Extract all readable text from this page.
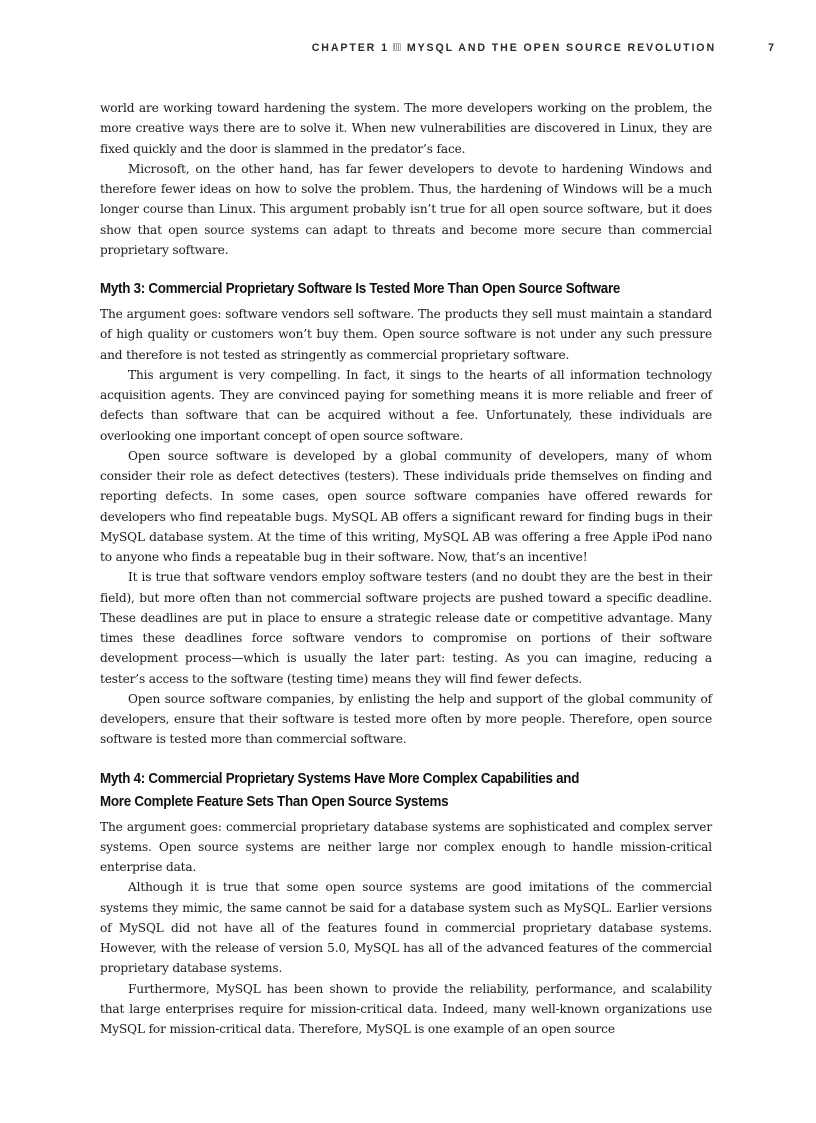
CHAPTER 1 MYSQL AND THE OPEN SOURCE REVOLUTION	7

world are working toward hardening the system. The more developers working on the problem, the more creative ways there are to solve it. When new vulnerabilities are discovered in Linux, they are fixed quickly and the door is slammed in the predator’s face.

Microsoft, on the other hand, has far fewer developers to devote to hardening Windows and therefore fewer ideas on how to solve the problem. Thus, the hardening of Windows will be a much longer course than Linux. This argument probably isn’t true for all open source software, but it does show that open source systems can adapt to threats and become more secure than commercial proprietary software.

Myth 3: Commercial Proprietary Software Is Tested More Than Open Source Software

The argument goes: software vendors sell software. The products they sell must maintain a standard of high quality or customers won’t buy them. Open source software is not under any such pressure and therefore is not tested as stringently as commercial proprietary software.

This argument is very compelling. In fact, it sings to the hearts of all information technology acquisition agents. They are convinced paying for something means it is more reliable and freer of defects than software that can be acquired without a fee. Unfortunately, these individuals are overlooking one important concept of open source software.

Open source software is developed by a global community of developers, many of whom consider their role as defect detectives (testers). These individuals pride themselves on finding and reporting defects. In some cases, open source software companies have offered rewards for developers who find repeatable bugs. MySQL AB offers a significant reward for finding bugs in their MySQL database system. At the time of this writing, MySQL AB was offering a free Apple iPod nano to anyone who finds a repeatable bug in their software. Now, that’s an incentive!

It is true that software vendors employ software testers (and no doubt they are the best in their field), but more often than not commercial software projects are pushed toward a specific deadline. These deadlines are put in place to ensure a strategic release date or competitive advantage. Many times these deadlines force software vendors to compromise on portions of their software development process—which is usually the later part: testing. As you can imagine, reducing a tester’s access to the software (testing time) means they will find fewer defects.

Open source software companies, by enlisting the help and support of the global community of developers, ensure that their software is tested more often by more people. Therefore, open source software is tested more than commercial software.

Myth 4: Commercial Proprietary Systems Have More Complex Capabilities and
More Complete Feature Sets Than Open Source Systems

The argument goes: commercial proprietary database systems are sophisticated and complex server systems. Open source systems are neither large nor complex enough to handle mission-critical enterprise data.

Although it is true that some open source systems are good imitations of the commercial systems they mimic, the same cannot be said for a database system such as MySQL. Earlier versions of MySQL did not have all of the features found in commercial proprietary database systems. However, with the release of version 5.0, MySQL has all of the advanced features of the commercial proprietary database systems.

Furthermore, MySQL has been shown to provide the reliability, performance, and scalability that large enterprises require for mission-critical data. Indeed, many well-known organizations use MySQL for mission-critical data. Therefore, MySQL is one example of an open source
